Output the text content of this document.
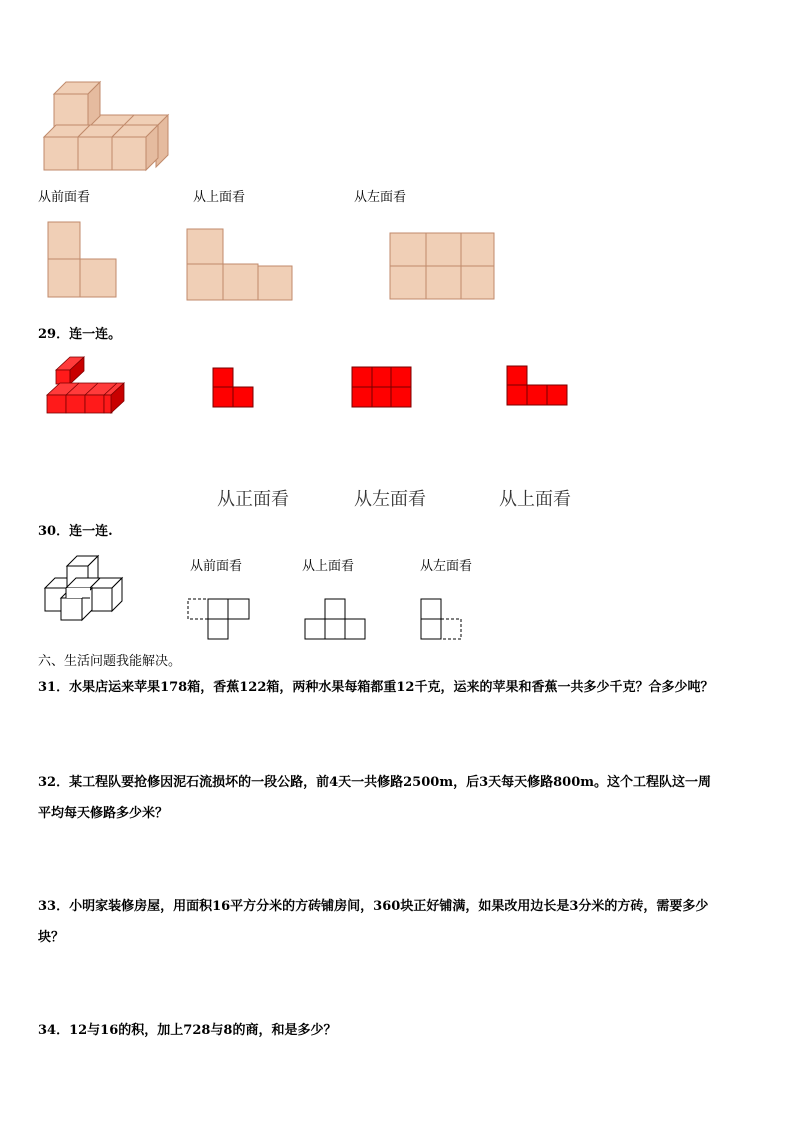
从前面看	从上面看	从左面看
29．连一连。
从正面看	从左面看	从上面看
30．连一连.
从前面看	从上面看	从左面看
六、生活问题我能解决。
31．水果店运来苹果178箱，香蕉122箱，两种水果每箱都重12千克，运来的苹果和香蕉一共多少千克？合多少吨？
32．某工程队要抢修因泥石流损坏的一段公路，前4天一共修路2500m，后3天每天修路800m。这个工程队这一周
平均每天修路多少米？
33．小明家装修房屋，用面积16平方分米的方砖铺房间，360块正好铺满，如果改用边长是3分米的方砖，需要多少
块？
34．12与16的积，加上728与8的商，和是多少？
